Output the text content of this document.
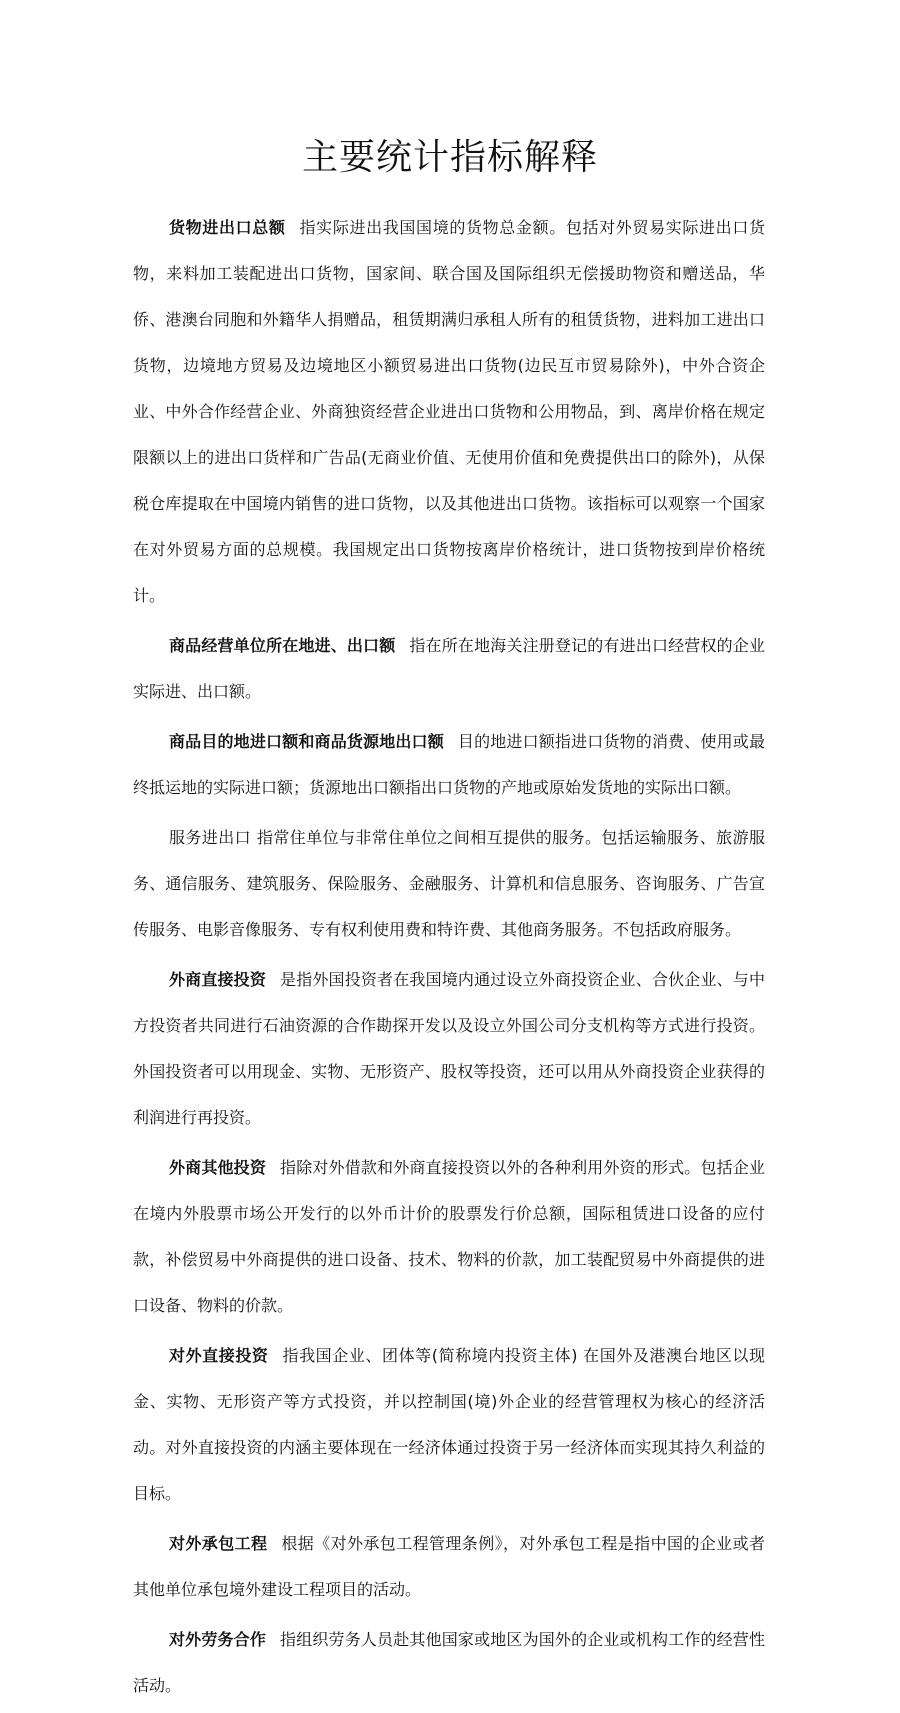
主要统计指标解释

货物进出口总额 指实际进出我国国境的货物总金额。包括对外贸易实际进出口货物，来料加工装配进出口货物，国家间、联合国及国际组织无偿援助物资和赠送品，华侨、港澳台同胞和外籍华人捐赠品，租赁期满归承租人所有的租赁货物，进料加工进出口货物，边境地方贸易及边境地区小额贸易进出口货物(边民互市贸易除外)，中外合资企业、中外合作经营企业、外商独资经营企业进出口货物和公用物品，到、离岸价格在规定限额以上的进出口货样和广告品(无商业价值、无使用价值和免费提供出口的除外)，从保税仓库提取在中国境内销售的进口货物，以及其他进出口货物。该指标可以观察一个国家在对外贸易方面的总规模。我国规定出口货物按离岸价格统计，进口货物按到岸价格统计。

商品经营单位所在地进、出口额 指在所在地海关注册登记的有进出口经营权的企业实际进、出口额。

商品目的地进口额和商品货源地出口额 目的地进口额指进口货物的消费、使用或最终抵运地的实际进口额；货源地出口额指出口货物的产地或原始发货地的实际出口额。

服务进出口 指常住单位与非常住单位之间相互提供的服务。包括运输服务、旅游服务、通信服务、建筑服务、保险服务、金融服务、计算机和信息服务、咨询服务、广告宣传服务、电影音像服务、专有权利使用费和特许费、其他商务服务。不包括政府服务。

外商直接投资 是指外国投资者在我国境内通过设立外商投资企业、合伙企业、与中方投资者共同进行石油资源的合作勘探开发以及设立外国公司分支机构等方式进行投资。外国投资者可以用现金、实物、无形资产、股权等投资，还可以用从外商投资企业获得的利润进行再投资。

外商其他投资 指除对外借款和外商直接投资以外的各种利用外资的形式。包括企业在境内外股票市场公开发行的以外币计价的股票发行价总额，国际租赁进口设备的应付款，补偿贸易中外商提供的进口设备、技术、物料的价款，加工装配贸易中外商提供的进口设备、物料的价款。

对外直接投资 指我国企业、团体等(简称境内投资主体) 在国外及港澳台地区以现金、实物、无形资产等方式投资，并以控制国(境)外企业的经营管理权为核心的经济活动。对外直接投资的内涵主要体现在一经济体通过投资于另一经济体而实现其持久利益的目标。

对外承包工程 根据《对外承包工程管理条例》，对外承包工程是指中国的企业或者其他单位承包境外建设工程项目的活动。

对外劳务合作 指组织劳务人员赴其他国家或地区为国外的企业或机构工作的经营性活动。
